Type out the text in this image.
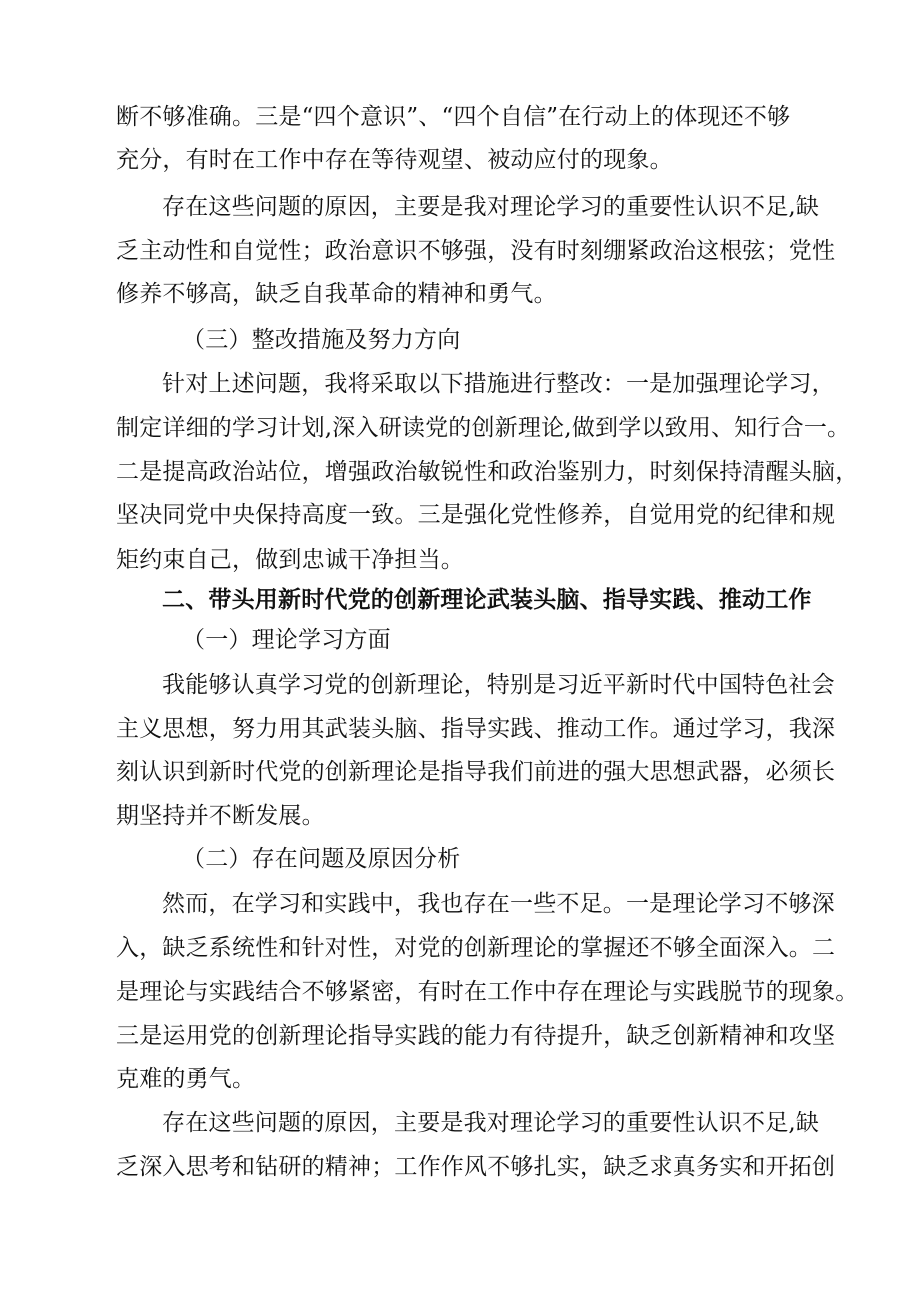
断不够准确。三是“四个意识”、“四个自信”在行动上的体现还不够
充分，有时在工作中存在等待观望、被动应付的现象。
存在这些问题的原因，主要是我对理论学习的重要性认识不足,缺
乏主动性和自觉性；政治意识不够强，没有时刻绷紧政治这根弦；党性
修养不够高，缺乏自我革命的精神和勇气。
（三）整改措施及努力方向
针对上述问题，我将采取以下措施进行整改：一是加强理论学习，
制定详细的学习计划,深入研读党的创新理论,做到学以致用、知行合一。
二是提高政治站位，增强政治敏锐性和政治鉴别力，时刻保持清醒头脑，
坚决同党中央保持高度一致。三是强化党性修养，自觉用党的纪律和规
矩约束自己，做到忠诚干净担当。
二、带头用新时代党的创新理论武装头脑、指导实践、推动工作
（一）理论学习方面
我能够认真学习党的创新理论，特别是习近平新时代中国特色社会
主义思想，努力用其武装头脑、指导实践、推动工作。通过学习，我深
刻认识到新时代党的创新理论是指导我们前进的强大思想武器，必须长
期坚持并不断发展。
（二）存在问题及原因分析
然而，在学习和实践中，我也存在一些不足。一是理论学习不够深
入，缺乏系统性和针对性，对党的创新理论的掌握还不够全面深入。二
是理论与实践结合不够紧密，有时在工作中存在理论与实践脱节的现象。
三是运用党的创新理论指导实践的能力有待提升，缺乏创新精神和攻坚
克难的勇气。
存在这些问题的原因，主要是我对理论学习的重要性认识不足,缺
乏深入思考和钻研的精神；工作作风不够扎实，缺乏求真务实和开拓创
